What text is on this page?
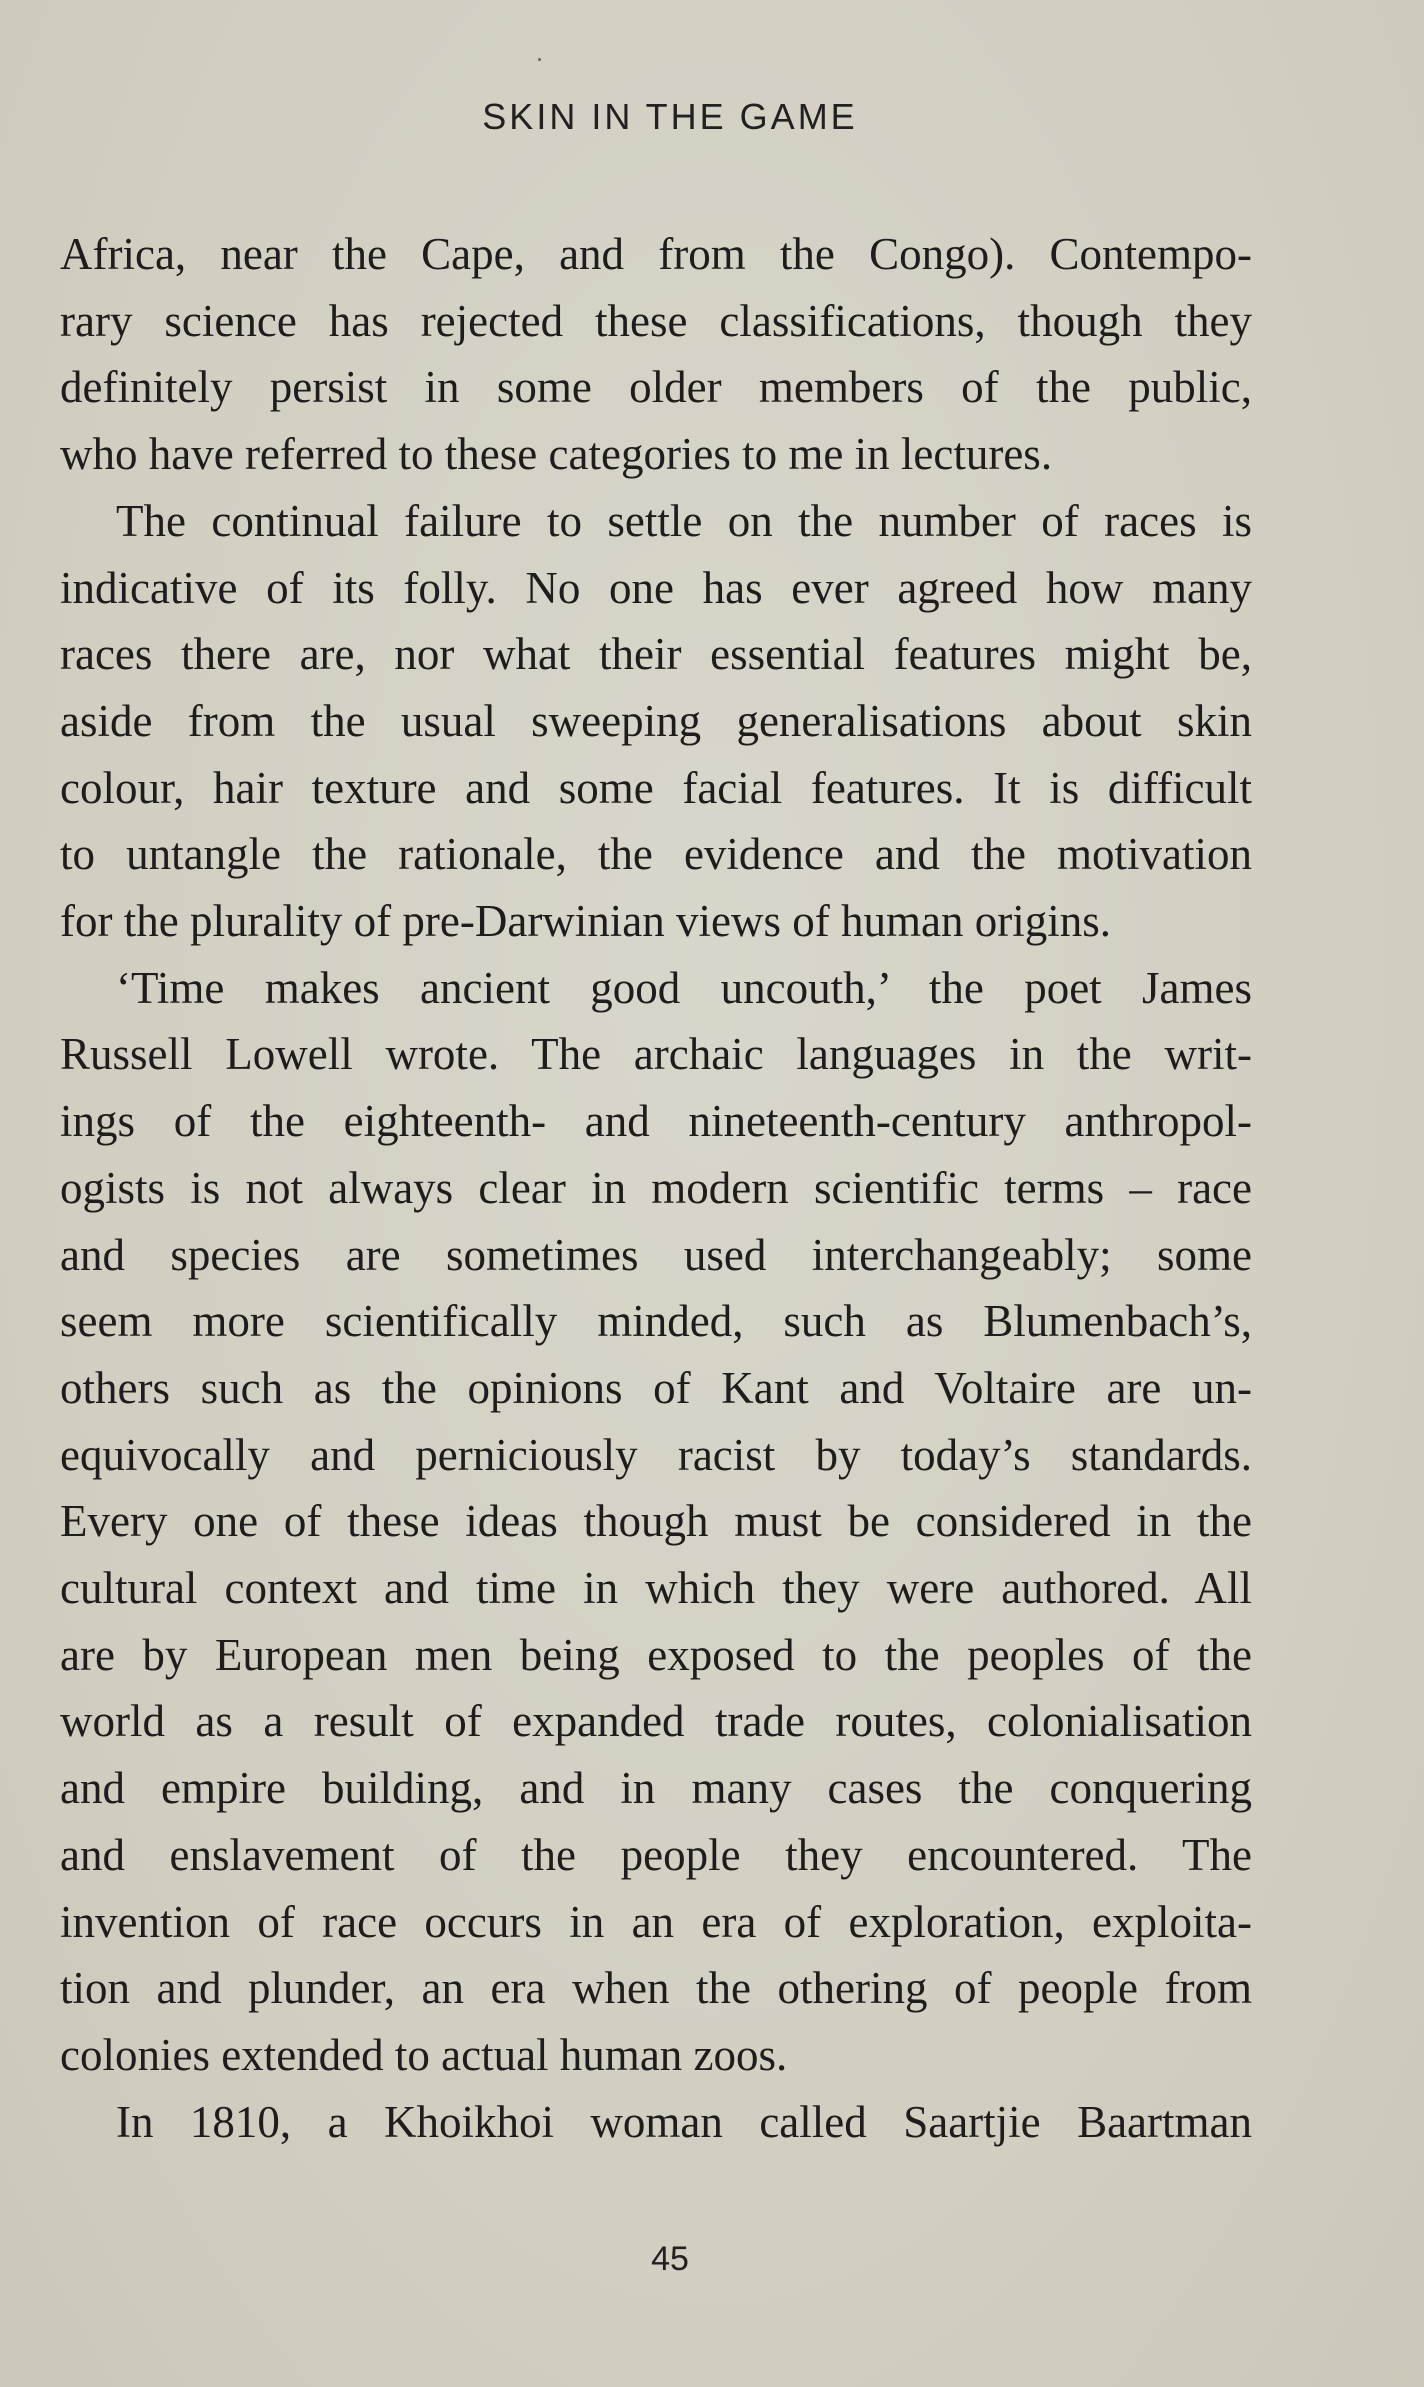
SKIN IN THE GAME
Africa, near the Cape, and from the Congo). Contempo-
rary science has rejected these classifications, though they
definitely persist in some older members of the public,
who have referred to these categories to me in lectures.
The continual failure to settle on the number of races is
indicative of its folly. No one has ever agreed how many
races there are, nor what their essential features might be,
aside from the usual sweeping generalisations about skin
colour, hair texture and some facial features. It is difficult
to untangle the rationale, the evidence and the motivation
for the plurality of pre-Darwinian views of human origins.
‘Time makes ancient good uncouth,’ the poet James
Russell Lowell wrote. The archaic languages in the writ-
ings of the eighteenth- and nineteenth-century anthropol-
ogists is not always clear in modern scientific terms – race
and species are sometimes used interchangeably; some
seem more scientifically minded, such as Blumenbach’s,
others such as the opinions of Kant and Voltaire are un-
equivocally and perniciously racist by today’s standards.
Every one of these ideas though must be considered in the
cultural context and time in which they were authored. All
are by European men being exposed to the peoples of the
world as a result of expanded trade routes, colonialisation
and empire building, and in many cases the conquering
and enslavement of the people they encountered. The
invention of race occurs in an era of exploration, exploita-
tion and plunder, an era when the othering of people from
colonies extended to actual human zoos.
In 1810, a Khoikhoi woman called Saartjie Baartman
45
